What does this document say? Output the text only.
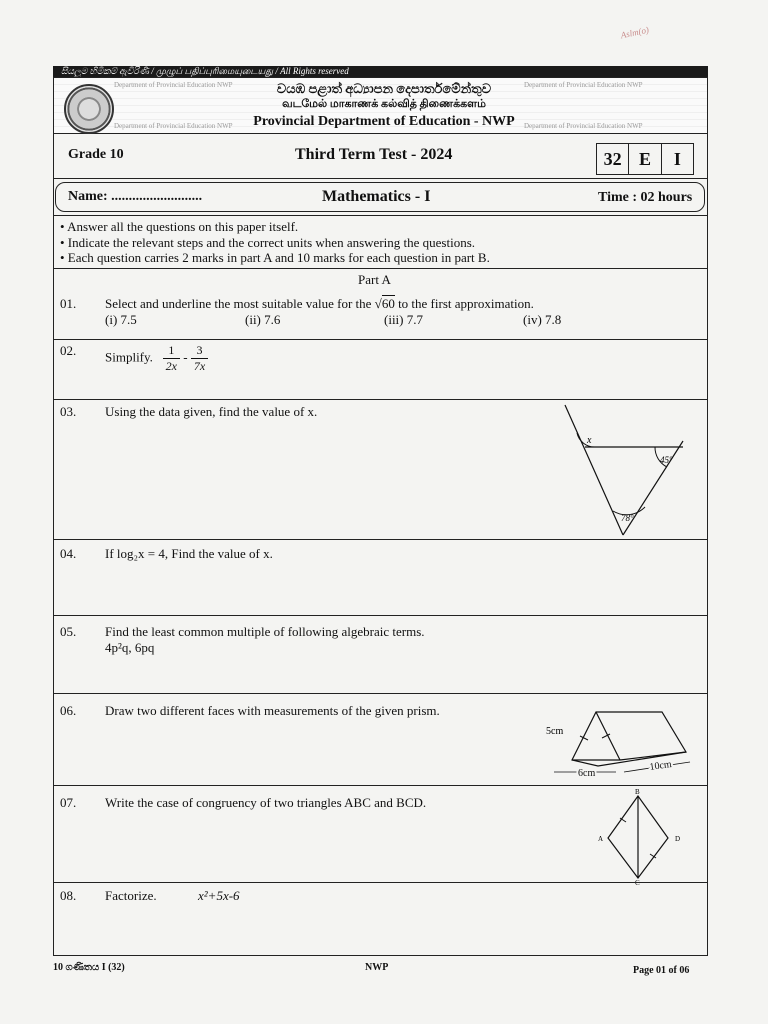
Aslm(o)
සියලුම හිමිකම් ඇවිරිණි / முழுப் பதிப்புரிமையுடையது / All Rights reserved
Department of Provincial Education NWP	Department of Provincial Education NWP
Department of Provincial Education NWP	Department of Provincial Education NWP
වයඹ පළාත් අධ්‍යාපන දෙපාර්තමේන්තුව
வடமேல் மாகாணக் கல்வித் திணைக்களம்
Provincial Department of Education - NWP
Grade 10	Third Term Test - 2024	32 E	I
Name: ..........................	Mathematics - I	Time : 02 hours
• Answer all the questions on this paper itself.
• Indicate the relevant steps and the correct units when answering the questions.
• Each question carries 2 marks in part A and 10 marks for each question in part B.
Part A
01. Select and underline the most suitable value for the √60 to the first approximation.
(i) 7.5	(ii) 7.6	(iii) 7.7	(iv) 7.8
02. Simplify. $\frac{1}{2x} - \frac{3}{7x}$
03. Using the data given, find the value of x.
x
45°
78°
04. If log₂x = 4, Find the value of x.
05. Find the least common multiple of following algebraic terms.
4p²q, 6pq
06. Draw two different faces with measurements of the given prism.
5cm
6cm
10cm
07. Write the case of congruency of two triangles ABC and BCD.
B
A	D
C
08. Factorize.	x²+5x-6
10 ගණිතය I (32)	NWP	Page 01 of 06
